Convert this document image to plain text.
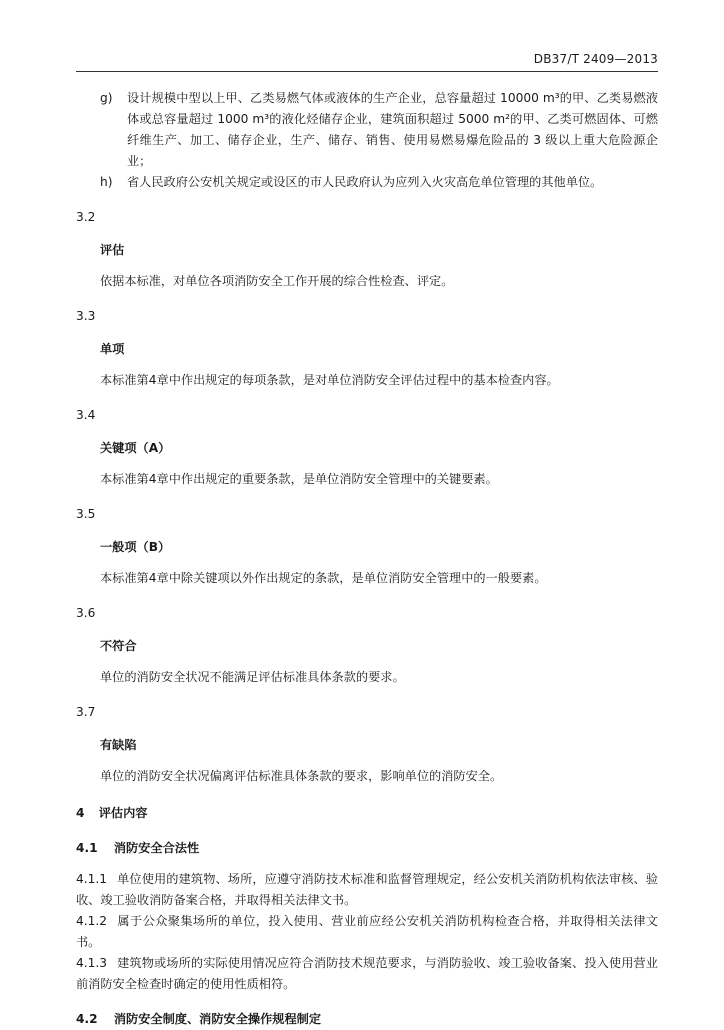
DB37/T 2409—2013
g)	设计规模中型以上甲、乙类易燃气体或液体的生产企业，总容量超过 10000 m³的甲、乙类易燃液体或总容量超过 1000 m³的液化烃储存企业，建筑面积超过 5000 m²的甲、乙类可燃固体、可燃纤维生产、加工、储存企业，生产、储存、销售、使用易燃易爆危险品的 3 级以上重大危险源企业；
h)	省人民政府公安机关规定或设区的市人民政府认为应列入火灾高危单位管理的其他单位。
3.2
评估
依据本标准，对单位各项消防安全工作开展的综合性检查、评定。
3.3
单项
本标准第4章中作出规定的每项条款，是对单位消防安全评估过程中的基本检查内容。
3.4
关键项（A）
本标准第4章中作出规定的重要条款，是单位消防安全管理中的关键要素。
3.5
一般项（B）
本标准第4章中除关键项以外作出规定的条款，是单位消防安全管理中的一般要素。
3.6
不符合
单位的消防安全状况不能满足评估标准具体条款的要求。
3.7
有缺陷
单位的消防安全状况偏离评估标准具体条款的要求，影响单位的消防安全。
4 评估内容
4.1 消防安全合法性
4.1.1 单位使用的建筑物、场所，应遵守消防技术标准和监督管理规定，经公安机关消防机构依法审核、验收、竣工验收消防备案合格，并取得相关法律文书。
4.1.2 属于公众聚集场所的单位，投入使用、营业前应经公安机关消防机构检查合格，并取得相关法律文书。
4.1.3 建筑物或场所的实际使用情况应符合消防技术规范要求，与消防验收、竣工验收备案、投入使用营业前消防安全检查时确定的使用性质相符。
4.2 消防安全制度、消防安全操作规程制定
